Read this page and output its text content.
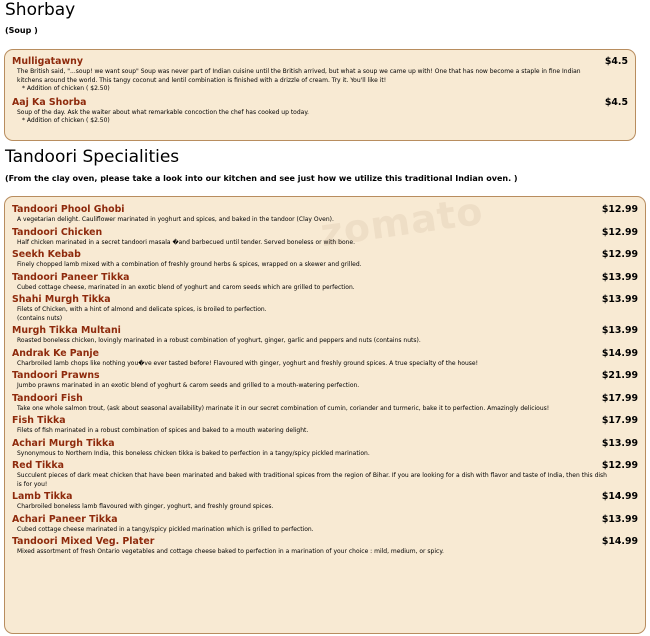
Shorbay
(Soup )
Mulligatawny	$4.5
The British said, "...soup! we want soup" Soup was never part of Indian cuisine until the British arrived, but what a soup we came up with! One that has now become a staple in fine Indian kitchens around the world. This tangy coconut and lentil combination is finished with a drizzle of cream. Try it. You'll like it!
* Addition of chicken ( $2.50)
Aaj Ka Shorba	$4.5
Soup of the day. Ask the waiter about what remarkable concoction the chef has cooked up today.
* Addition of chicken ( $2.50)
Tandoori Specialities
(From the clay oven, please take a look into our kitchen and see just how we utilize this traditional Indian oven. )
Tandoori Phool Ghobi	$12.99
A vegetarian delight. Cauliflower marinated in yoghurt and spices, and baked in the tandoor (Clay Oven).
Tandoori Chicken	$12.99
Half chicken marinated in a secret tandoori masala �and barbecued until tender. Served boneless or with bone.
Seekh Kebab	$12.99
Finely chopped lamb mixed with a combination of freshly ground herbs & spices, wrapped on a skewer and grilled.
Tandoori Paneer Tikka	$13.99
Cubed cottage cheese, marinated in an exotic blend of yoghurt and carom seeds which are grilled to perfection.
Shahi Murgh Tikka	$13.99
Filets of Chicken, with a hint of almond and delicate spices, is broiled to perfection.
(contains nuts)
Murgh Tikka Multani	$13.99
Roasted boneless chicken, lovingly marinated in a robust combination of yoghurt, ginger, garlic and peppers and nuts (contains nuts).
Andrak Ke Panje	$14.99
Charbroiled lamb chops like nothing you�ve ever tasted before! Flavoured with ginger, yoghurt and freshly ground spices. A true specialty of the house!
Tandoori Prawns	$21.99
Jumbo prawns marinated in an exotic blend of yoghurt & carom seeds and grilled to a mouth-watering perfection.
Tandoori Fish	$17.99
Take one whole salmon trout, (ask about seasonal availability) marinate it in our secret combination of cumin, coriander and turmeric, bake it to perfection. Amazingly delicious!
Fish Tikka	$17.99
Filets of fish marinated in a robust combination of spices and baked to a mouth watering delight.
Achari Murgh Tikka	$13.99
Synonymous to Northern India, this boneless chicken tikka is baked to perfection in a tangy/spicy pickled marination.
Red Tikka	$12.99
Succulent pieces of dark meat chicken that have been marinated and baked with traditional spices from the region of Bihar. If you are looking for a dish with flavor and taste of India, then this dish is for you!
Lamb Tikka	$14.99
Charbroiled boneless lamb flavoured with ginger, yoghurt, and freshly ground spices.
Achari Paneer Tikka	$13.99
Cubed cottage cheese marinated in a tangy/spicy pickled marination which is grilled to perfection.
Tandoori Mixed Veg. Plater	$14.99
Mixed assortment of fresh Ontario vegetables and cottage cheese baked to perfection in a marination of your choice : mild, medium, or spicy.
